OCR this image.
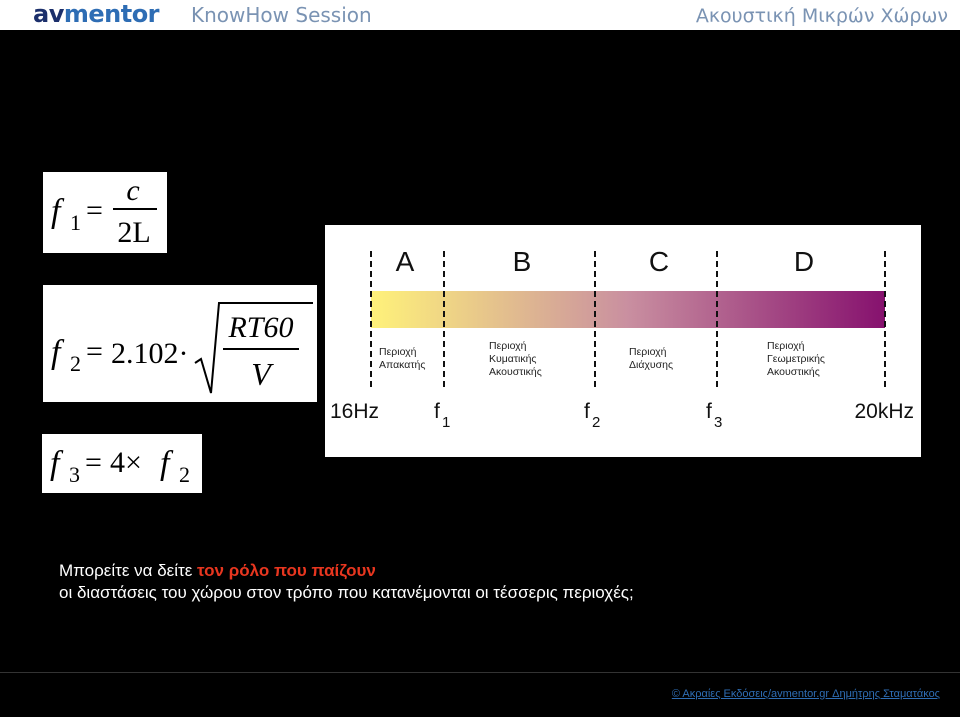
avmentor KnowHow Session	Ακουστική Μικρών Χώρων
f 1 =
c
2L
f 2 = 2.102·
RT60
V
f 3 = 4× f 2
A	B	C	D
Περιοχή
Απακατής
Περιοχή
Κυματικής
Ακουστικής
Περιοχή
Διάχυσης
Περιοχή
Γεωμετρικής
Ακουστικής
16Hz	f 1	f 2	f 3	20kHz
Μπορείτε να δείτε τον ρόλο που παίζουν
οι διαστάσεις του χώρου στον τρόπο που κατανέμονται οι τέσσερις περιοχές;
© Ακραίες Εκδόσεις/avmentor.gr Δημήτρης Σταματάκος
